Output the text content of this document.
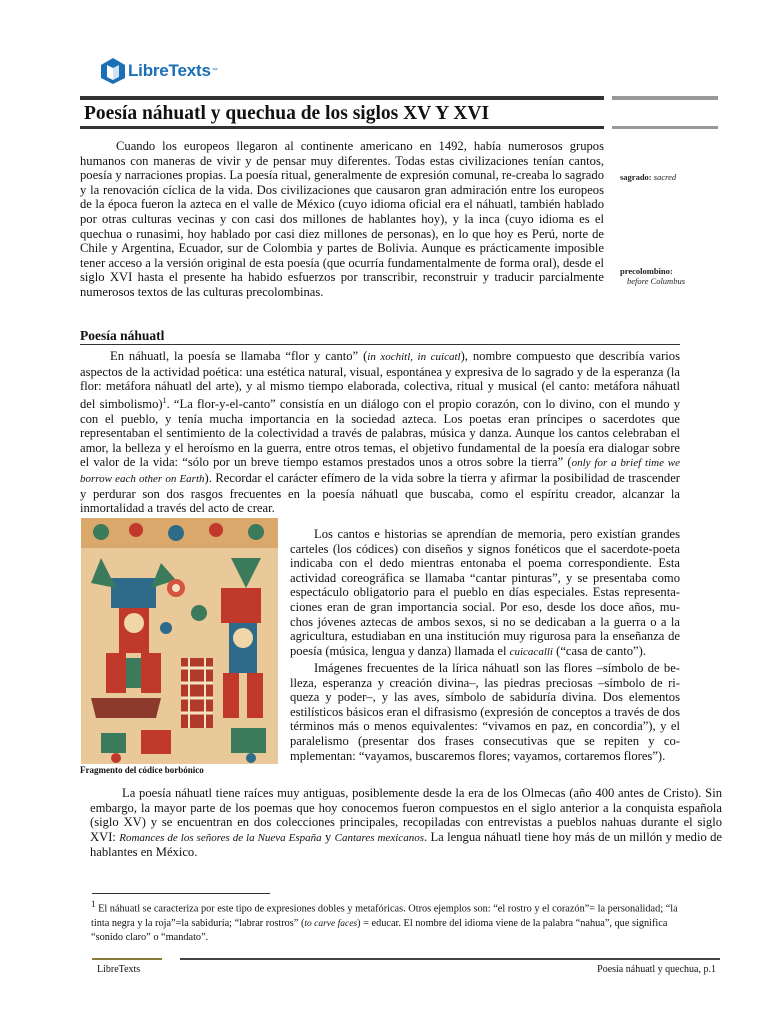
LibreTexts ™
Poesía náhuatl y quechua de los siglos XV Y XVI

Cuando los europeos llegaron al continente americano en 1492, había numerosos grupos humanos con maneras de vivir y de pensar muy diferentes. Todas estas civilizaciones tenían cantos, poesía y narraciones propias. La poesía ritual, generalmente de expresión comunal, re-creaba lo sagrado y la renovación cíclica de la vida. Dos civilizaciones que causaron gran admiración entre los europeos de la época fueron la azteca en el valle de México (cuyo idioma oficial era el náhuatl, también hablado por otras culturas vecinas y con casi dos millones de hablantes hoy), y la inca (cuyo idioma es el quechua o runasimi, hoy hablado por casi diez millones de personas), en lo que hoy es Perú, norte de Chile y Argentina, Ecuador, sur de Colombia y partes de Bolivia. Aunque es prácticamente imposible tener acceso a la versión original de esta poesía (que ocurría fundamentalmente de forma oral), desde el siglo XVI hasta el presente ha habido esfuerzos por transcribir, reconstruir y traducir parcialmente numerosos textos de las culturas precolombinas.

sagrado: sacred
precolombino:
before Columbus
Poesía náhuatl

En náhuatl, la poesía se llamaba “flor y canto” (in xochitl, in cuicatl), nombre compuesto que describía varios aspectos de la actividad poética: una estética natural, visual, espontánea y expresiva de lo sagrado y de la esperanza (la flor: metáfora náhuatl del arte), y al mismo tiempo elaborada, colectiva, ritual y musical (el canto: metáfora náhuatl del simbolismo)$^1$. “La flor-y-el-canto” consistía en un diálogo con el propio corazón, con lo divino, con el mundo y con el pueblo, y tenía mucha importancia en la sociedad azteca. Los poetas eran príncipes o sacerdotes que representaban el sentimiento de la colectividad a través de palabras, música y danza. Aunque los cantos celebraban el amor, la belleza y el heroísmo en la guerra, entre otros temas, el objetivo fundamental de la poesía era dialogar sobre el valor de la vida: “sólo por un breve tiempo estamos prestados unos a otros sobre la tierra” (only for a brief time we borrow each other on Earth). Recordar el carácter efímero de la vida sobre la tierra y afirmar la posibilidad de trascender y perdurar son dos rasgos frecuentes en la poesía náhuatl que buscaba, como el espíritu creador, alcanzar la inmortalidad a través del acto de crear.

Fragmento del códice borbónico

Los cantos e historias se aprendían de memoria, pero existían grandes carteles (los códices) con diseños y signos fonéticos que el sacerdote-poeta indicaba con el dedo mientras entonaba el poema correspondiente. Esta actividad coreográfica se llamaba “cantar pinturas”, y se presentaba como espectáculo obligatorio para el pueblo en días especiales. Estas representa-ciones eran de gran importancia social. Por eso, desde los doce años, mu-chos jóvenes aztecas de ambos sexos, si no se dedicaban a la guerra o a la agricultura, estudiaban en una institución muy rigurosa para la enseñanza de poesía (música, lengua y danza) llamada el cuicacalli (“casa de canto”).

Imágenes frecuentes de la lírica náhuatl son las flores –símbolo de be-lleza, esperanza y creación divina–, las piedras preciosas –símbolo de ri-queza y poder–, y las aves, símbolo de sabiduría divina. Dos elementos estilísticos básicos eran el difrasismo (expresión de conceptos a través de dos términos más o menos equivalentes: “vivamos en paz, en concordia”), y el paralelismo (presentar dos frases consecutivas que se repiten y co-mplementan: “vayamos, buscaremos flores; vayamos, cortaremos flores”).

La poesía náhuatl tiene raíces muy antiguas, posiblemente desde la era de los Olmecas (año 400 antes de Cristo). Sin embargo, la mayor parte de los poemas que hoy conocemos fueron compuestos en el siglo anterior a la conquista española (siglo XV) y se encuentran en dos colecciones principales, recopiladas con entrevistas a pueblos nahuas durante el siglo XVI: Romances de los señores de la Nueva España y Cantares mexicanos. La lengua náhuatl tiene hoy más de un millón y medio de hablantes en México.

$^1$ El náhuatl se caracteriza por este tipo de expresiones dobles y metafóricas. Otros ejemplos son: “el rostro y el corazón”= la personalidad; “la tinta negra y la roja”=la sabiduría; “labrar rostros” (to carve faces) = educar. El nombre del idioma viene de la palabra “nahua”, que significa “sonido claro” o “mandato”.

LibreTexts	Poesía náhuatl y quechua, p.1
